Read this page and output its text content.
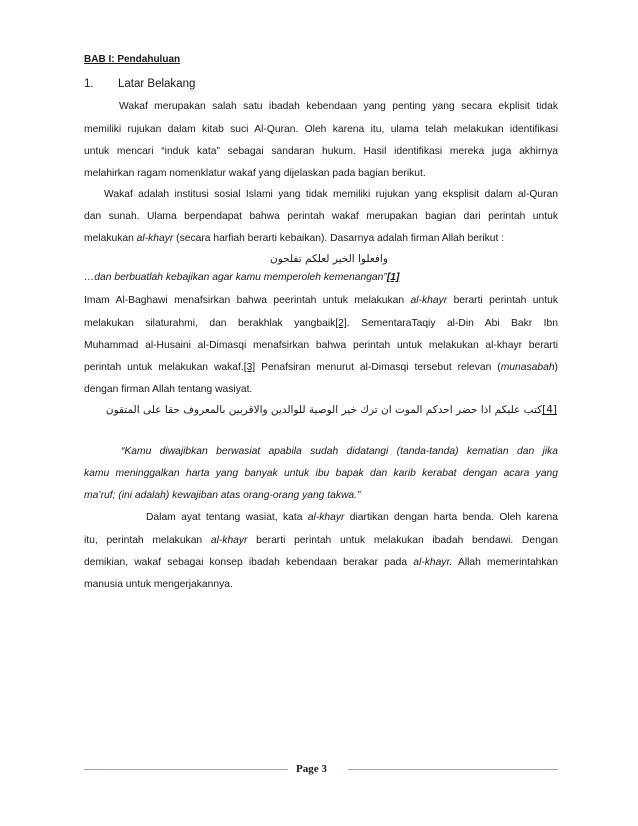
BAB I: Pendahuluan
1. Latar Belakang
Wakaf merupakan salah satu ibadah kebendaan yang penting yang secara ekplisit tidak
memiliki rujukan dalam kitab suci Al-Quran. Oleh karena itu, ulama telah melakukan identifikasi
untuk mencari “induk kata” sebagai sandaran hukum. Hasil identifikasi mereka juga akhirnya
melahirkan ragam nomenklatur wakaf yang dijelaskan pada bagian berikut.
Wakaf adalah institusi sosial Islami yang tidak memiliki rujukan yang eksplisit dalam al-Quran
dan sunah. Ulama berpendapat bahwa perintah wakaf merupakan bagian dari perintah untuk
melakukan al-khayr (secara harfiah berarti kebaikan). Dasarnya adalah firman Allah berikut :
وافعلوا الخير لعلكم تفلحون
…dan berbuatlah kebajikan agar kamu memperoleh kemenangan”[1]
Imam Al-Baghawi menafsirkan bahwa peerintah untuk melakukan al-khayr berarti perintah untuk
melakukan silaturahmi, dan berakhlak yangbaik[2]. SementaraTaqiy al-Din Abi Bakr Ibn
Muhammad al-Husaini al-Dimasqi menafsirkan bahwa perintah untuk melakukan al-khayr berarti
perintah untuk melakukan wakaf.[3] Penafsiran menurut al-Dimasqi tersebut relevan (munasabah)
dengan firman Allah tentang wasiyat.
[4]كتب عليكم اذا حضر احدكم الموت ان ترك خير الوصية للوالدين والاقربين بالمعروف حقا على المتقون
“Kamu diwajibkan berwasiat apabila sudah didatangi (tanda-tanda) kematian dan jika
kamu meninggalkan harta yang banyak untuk ibu bapak dan karib kerabat dengan acara yang
ma’ruf; (ini adalah) kewajiban atas orang-orang yang takwa.”
Dalam ayat tentang wasiat, kata al-khayr diartikan dengan harta benda. Oleh karena
itu, perintah melakukan al-khayr berarti perintah untuk melakukan ibadah bendawi. Dengan
demikian, wakaf sebagai konsep ibadah kebendaan berakar pada al-khayr. Allah memerintahkan
manusia untuk mengerjakannya.
Page 3
